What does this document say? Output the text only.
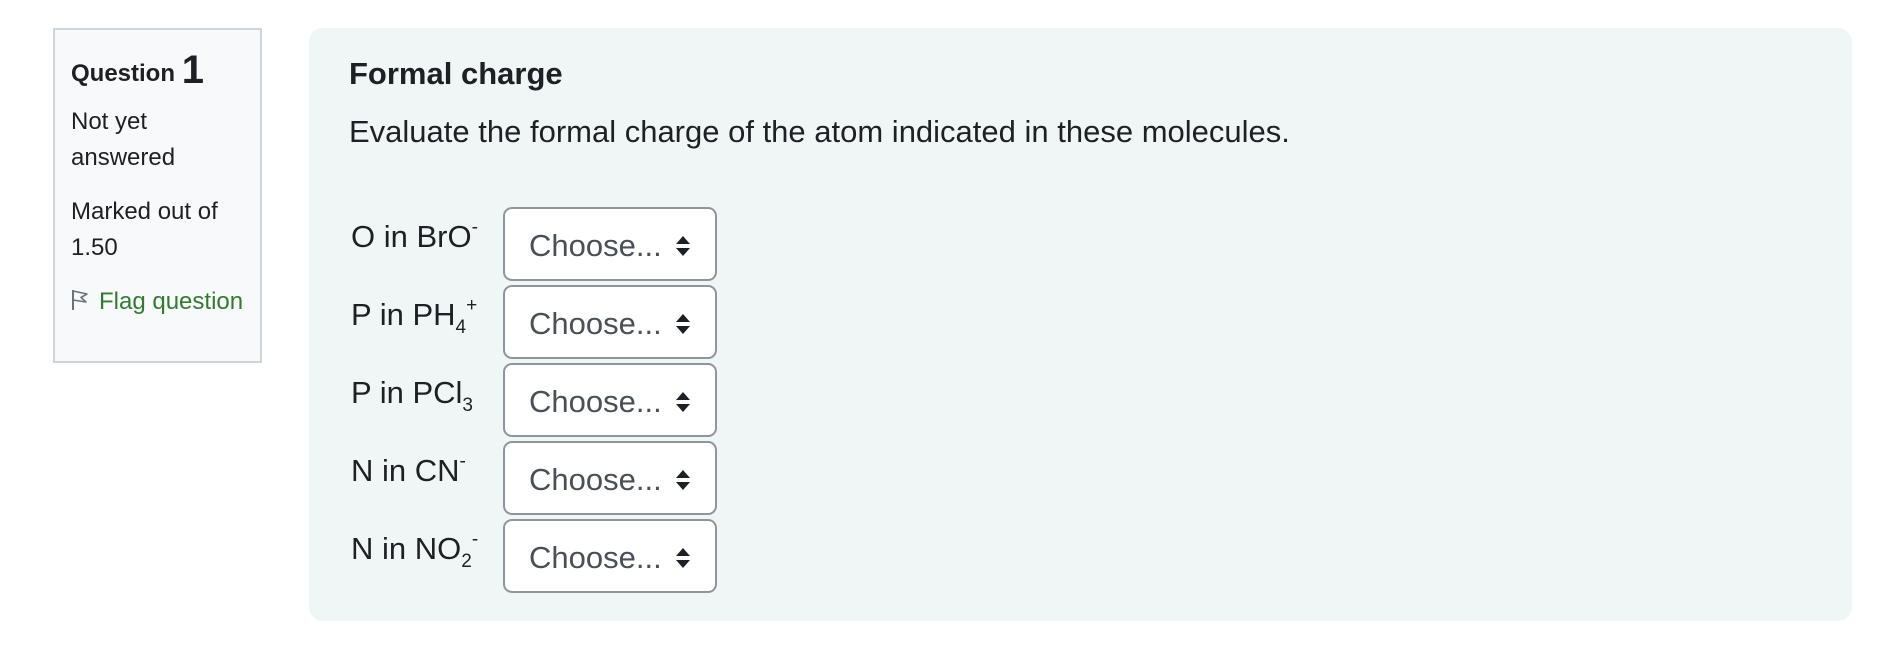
Question 1
Not yet answered
Marked out of 1.50
Flag question
Formal charge

Evaluate the formal charge of the atom indicated in these molecules.

O in BrO-
Choose...
P in $PH_4^+$
Choose...
P in PCl$_3$ Choose...
N in CN-
Choose...
N in $NO_2^-$
Choose...
